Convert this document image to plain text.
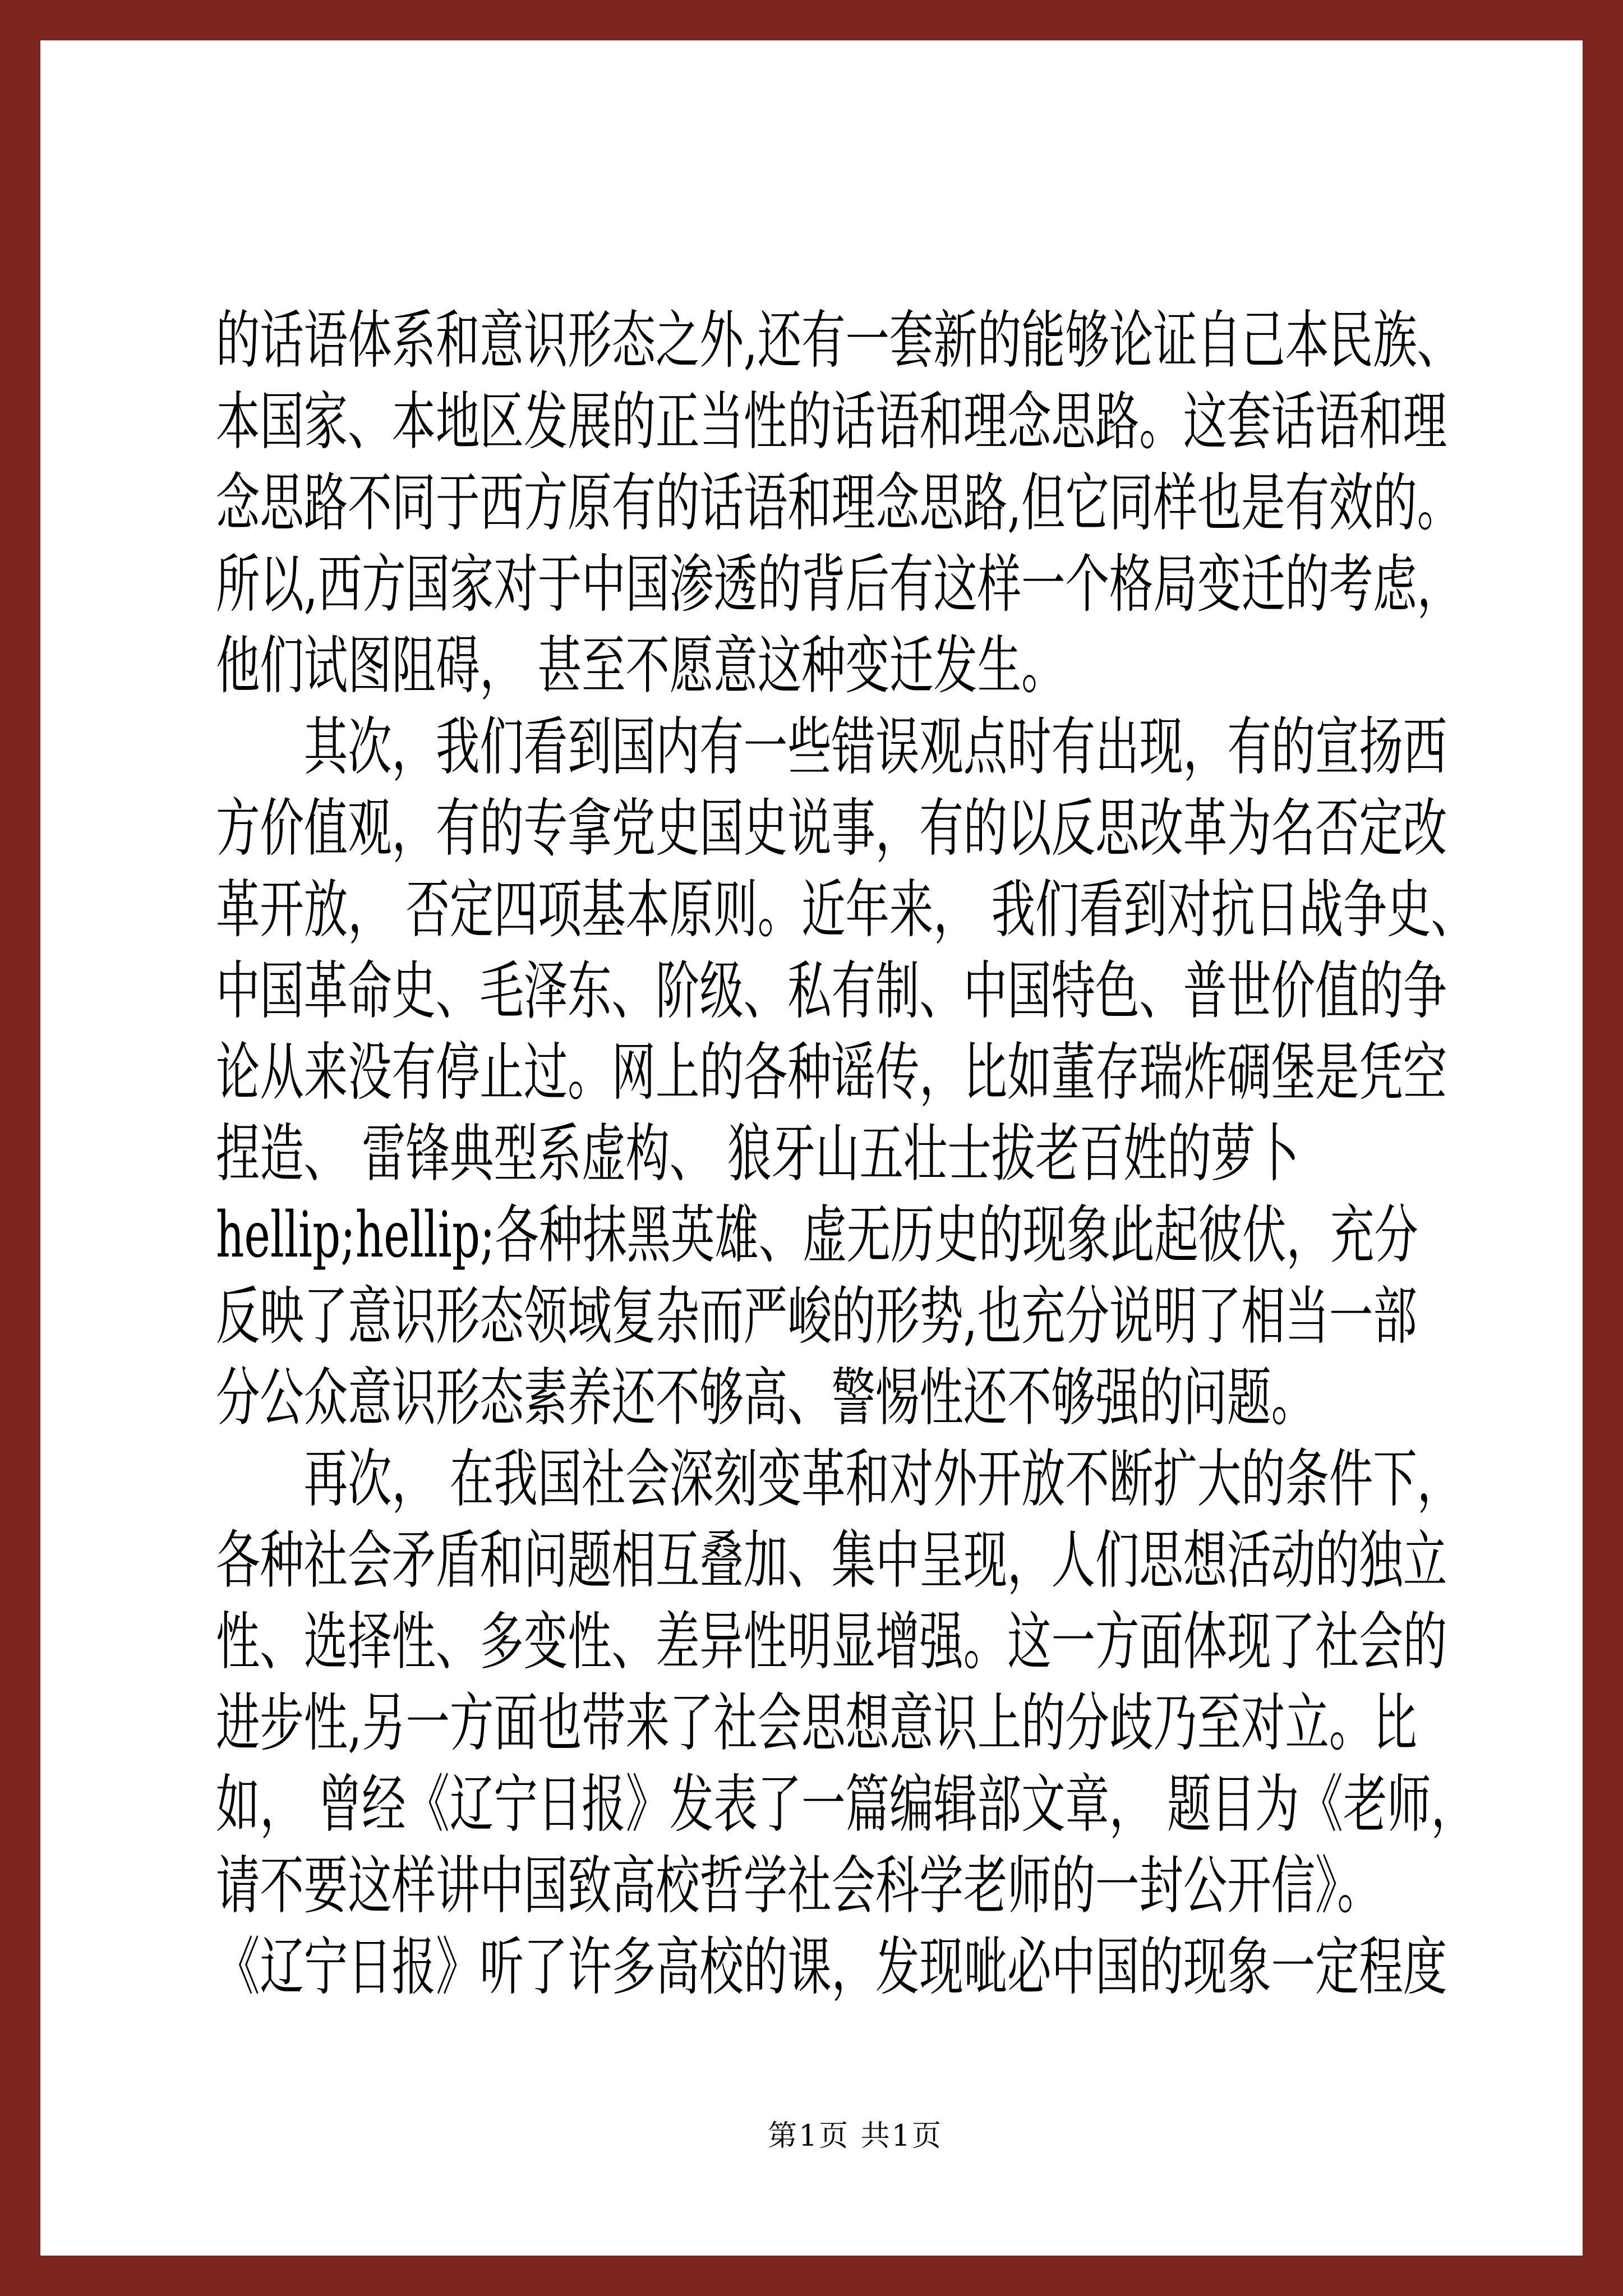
的话语体系和意识形态之外,还有一套新的能够论证自己本民族、
本国家、本地区发展的正当性的话语和理念思路。这套话语和理
念思路不同于西方原有的话语和理念思路,但它同样也是有效的。
所以,西方国家对于中国渗透的背后有这样一个格局变迁的考虑，
他们试图阻碍， 甚至不愿意这种变迁发生。
　　其次，我们看到国内有一些错误观点时有出现，有的宣扬西
方价值观，有的专拿党史国史说事，有的以反思改革为名否定改
革开放， 否定四项基本原则。近年来， 我们看到对抗日战争史、
中国革命史、毛泽东、阶级、私有制、中国特色、普世价值的争
论从来没有停止过。网上的各种谣传，比如董存瑞炸碉堡是凭空
捏造、 雷锋典型系虚构、 狼牙山五壮士拔老百姓的萝卜
hellip;hellip;各种抹黑英雄、虚无历史的现象此起彼伏，充分
反映了意识形态领域复杂而严峻的形势,也充分说明了相当一部
分公众意识形态素养还不够高、警惕性还不够强的问题。
　　再次， 在我国社会深刻变革和对外开放不断扩大的条件下，
各种社会矛盾和问题相互叠加、集中呈现，人们思想活动的独立
性、选择性、多变性、差异性明显增强。这一方面体现了社会的
进步性,另一方面也带来了社会思想意识上的分歧乃至对立。比
如， 曾经《辽宁日报》发表了一篇编辑部文章， 题目为《老师，
请不要这样讲中国致高校哲学社会科学老师的一封公开信》。
《辽宁日报》听了许多高校的课，发现呲必中国的现象一定程度
第1页 共1页
